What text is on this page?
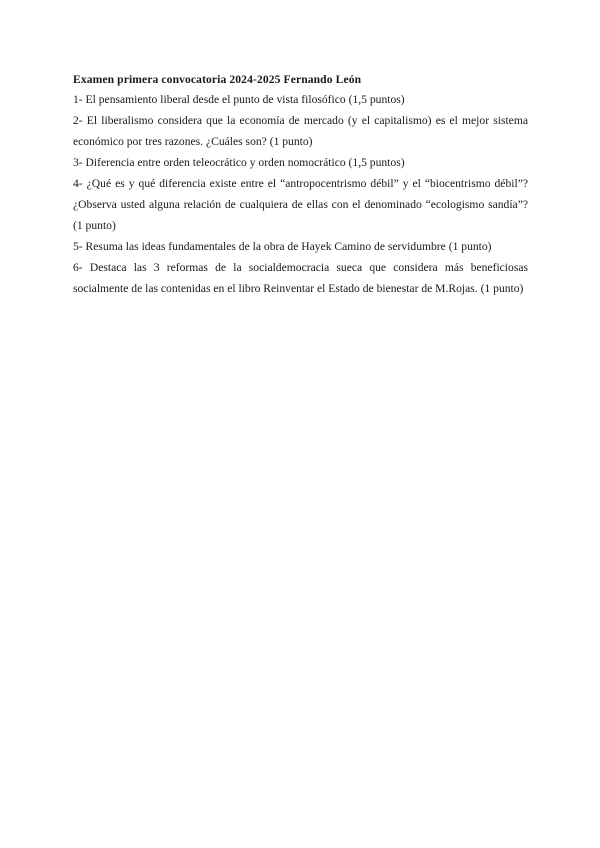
Examen primera convocatoria 2024-2025 Fernando León

1- El pensamiento liberal desde el punto de vista filosófico (1,5 puntos)

2- El liberalismo considera que la economía de mercado (y el capitalismo) es el mejor sistema económico por tres razones. ¿Cuáles son? (1 punto)

3- Diferencia entre orden teleocrático y orden nomocrático (1,5 puntos)

4- ¿Qué es y qué diferencia existe entre el “antropocentrismo débil” y el “biocentrismo débil”? ¿Observa usted alguna relación de cualquiera de ellas con el denominado “ecologismo sandía”? (1 punto)

5- Resuma las ideas fundamentales de la obra de Hayek Camino de servidumbre (1 punto)

6- Destaca las 3 reformas de la socialdemocracia sueca que considera más beneficiosas socialmente de las contenidas en el libro Reinventar el Estado de bienestar de M.Rojas. (1 punto)
